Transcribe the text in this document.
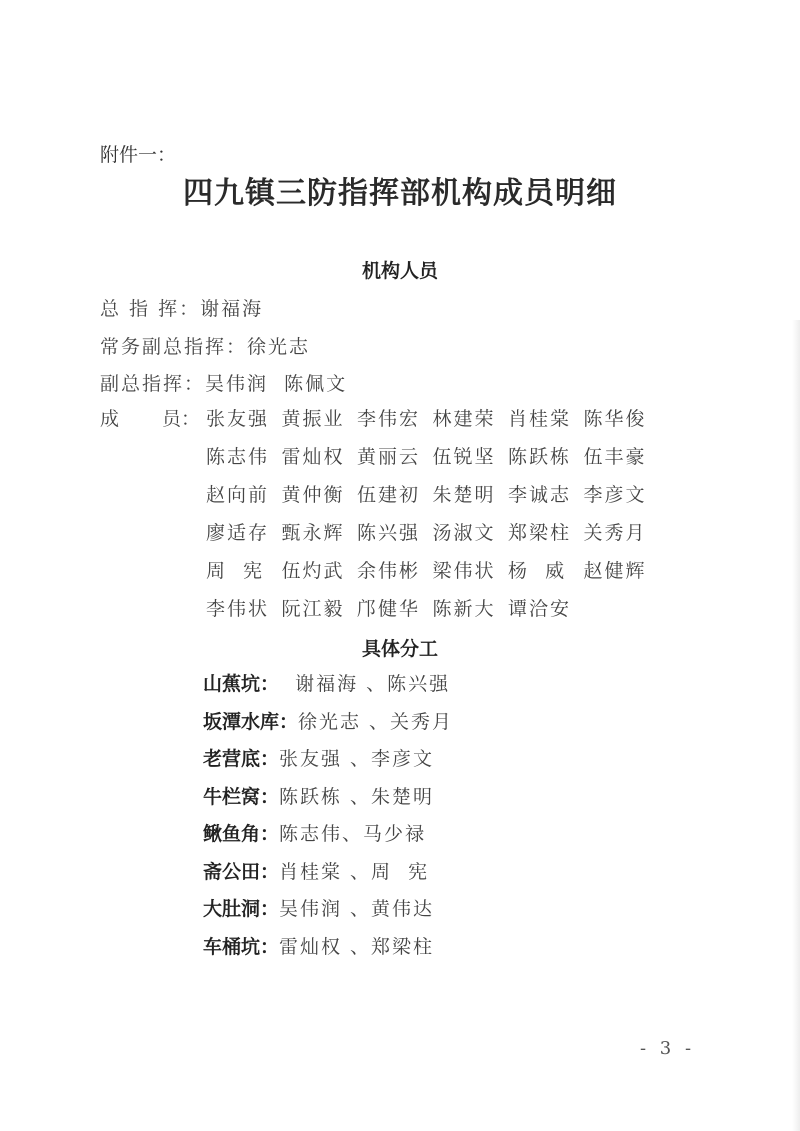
附件一：
四九镇三防指挥部机构成员明细
机构人员
总 指 挥：谢福海
常务副总指挥：徐光志
副总指挥：吴伟润  陈佩文
成 员： 张友强 黄振业 李伟宏 林建荣 肖桂棠 陈华俊
陈志伟 雷灿权 黄丽云 伍锐坚 陈跃栋 伍丰豪
赵向前 黄仲衡 伍建初 朱楚明 李诚志 李彦文
廖适存 甄永辉 陈兴强 汤淑文 郑梁柱 关秀月
周  宪 伍灼武 余伟彬 梁伟状 杨  威 赵健辉
李伟状 阮江毅 邝健华 陈新大 谭洽安
具体分工
山蕉坑：  谢福海 、陈兴强
坂潭水库：徐光志 、关秀月
老营底：张友强 、李彦文
牛栏窝：陈跃栋 、朱楚明
鳅鱼角：陈志伟、马少禄
斋公田：肖桂棠 、周  宪
大肚洞：吴伟润 、黄伟达
车桶坑：雷灿权 、郑梁柱
- 3 -
